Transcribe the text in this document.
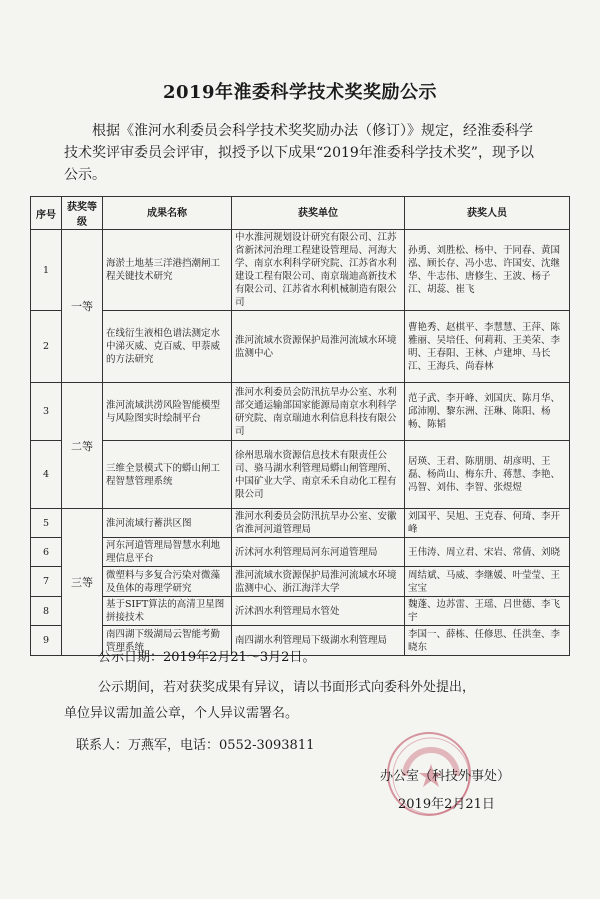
2019年淮委科学技术奖奖励公示
根据《淮河水利委员会科学技术奖奖励办法（修订）》规定，经淮委科学技术奖评审委员会评审，拟授予以下成果“2019年淮委科学技术奖”，现予以公示。
序号	获奖等级	成果名称	获奖单位	获奖人员
1	一等	海淤土地基三洋港挡潮闸工程关键技术研究	中水淮河规划设计研究有限公司、江苏省新沭河治理工程建设管理局、河海大学、南京水利科学研究院、江苏省水利建设工程有限公司、南京瑞迪高新技术有限公司、江苏省水利机械制造有限公司	孙勇、刘胜松、杨中、于同春、黄国泓、顾长存、冯小忠、许国安、沈继华、牛志伟、唐修生、王波、杨子江、胡蕊、崔飞
2		在线衍生液相色谱法测定水中涕灭威、克百威、甲萘威的方法研究	淮河流域水资源保护局淮河流域水环境监测中心	曹艳秀、赵棋平、李慧慧、王萍、陈雅丽、吴培任、何莉莉、王美荣、李明、王春阳、王林、卢建坤、马长江、王海兵、尚春林
3	二等	淮河流域洪涝风险智能模型与风险图实时绘制平台	淮河水利委员会防汛抗旱办公室、水利部交通运输部国家能源局南京水利科学研究院、南京瑞迪水利信息科技有限公司	范子武、李开峰、刘国庆、陈月华、邱沛刚、黎东洲、汪琳、陈阳、杨畅、陈韬
4		三维全景模式下的蟒山闸工程智慧管理系统	徐州思瑞水资源信息技术有限责任公司、骆马湖水利管理局蟒山闸管理所、中国矿业大学、南京禾禾自动化工程有限公司	居瑛、王君、陈朋朋、胡彦明、王磊、杨尚山、梅东升、蒋慧、李艳、冯智、刘伟、李智、张煜煜
5	三等	淮河流域行蓄洪区图	淮河水利委员会防汛抗旱办公室、安徽省淮河河道管理局	刘国平、吴旭、王克春、何琦、李开峰
6		河东河道管理局智慧水利地理信息平台	沂沭河水利管理局河东河道管理局	王伟涛、周立君、宋岩、常倩、刘晓
7		微塑料与多复合污染对微藻及鱼体的毒理学研究	淮河流域水资源保护局淮河流域水环境监测中心、浙江海洋大学	周结斌、马威、李继媛、叶莹莹、王宝宝
8		基于SIFT算法的高清卫星图拼接技术	沂沭泗水利管理局水管处	魏蓬、边苏雷、王瑶、吕世德、李飞宇
9		南四湖下级湖局云智能考勤管理系统	南四湖水利管理局下级湖水利管理局	李国一、薛栋、任修思、任洪奎、李晓东
公示日期：2019年2月21～3月2日。
公示期间，若对获奖成果有异议，请以书面形式向委科外处提出，
单位异议需加盖公章，个人异议需署名。
联系人：万燕军，电话：0552-3093811
办公室（科技外事处）
2019年2月21日
